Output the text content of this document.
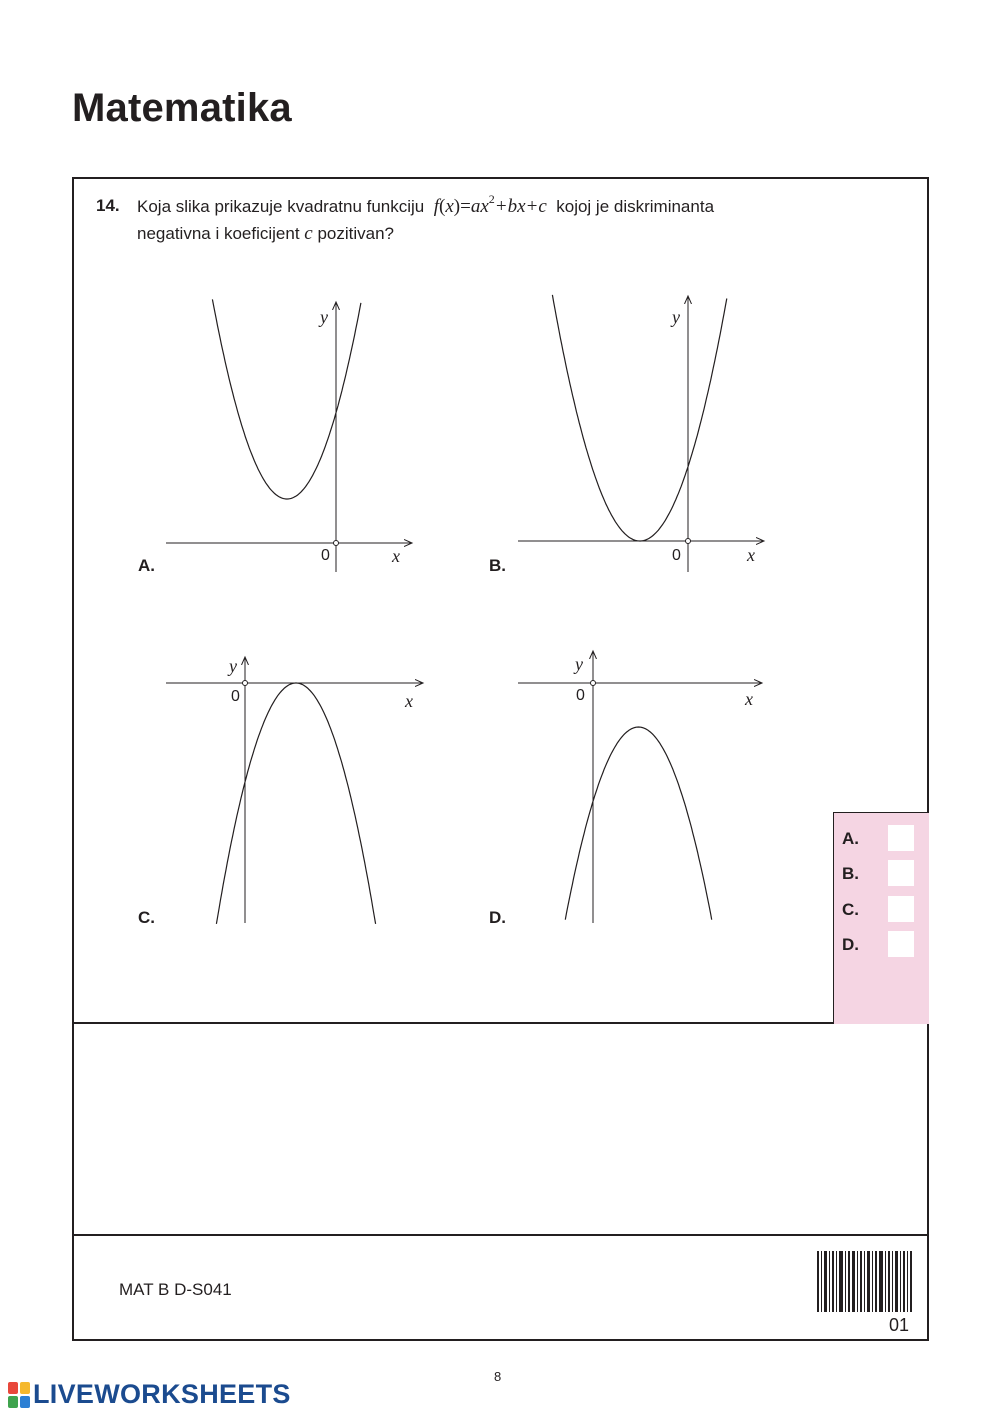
Matematika
14. Koja slika prikazuje kvadratnu funkciju $f(x)=ax^2+bx+c$ kojoj je diskriminanta
negativna i koeficijent c pozitivan?
y
x
0
y
x
0
y
x
0
y
x
0
A.	B.
C.	D.
A.
B.
C.
D.
MAT B D-S041
01
8
LIVEWORKSHEETS
